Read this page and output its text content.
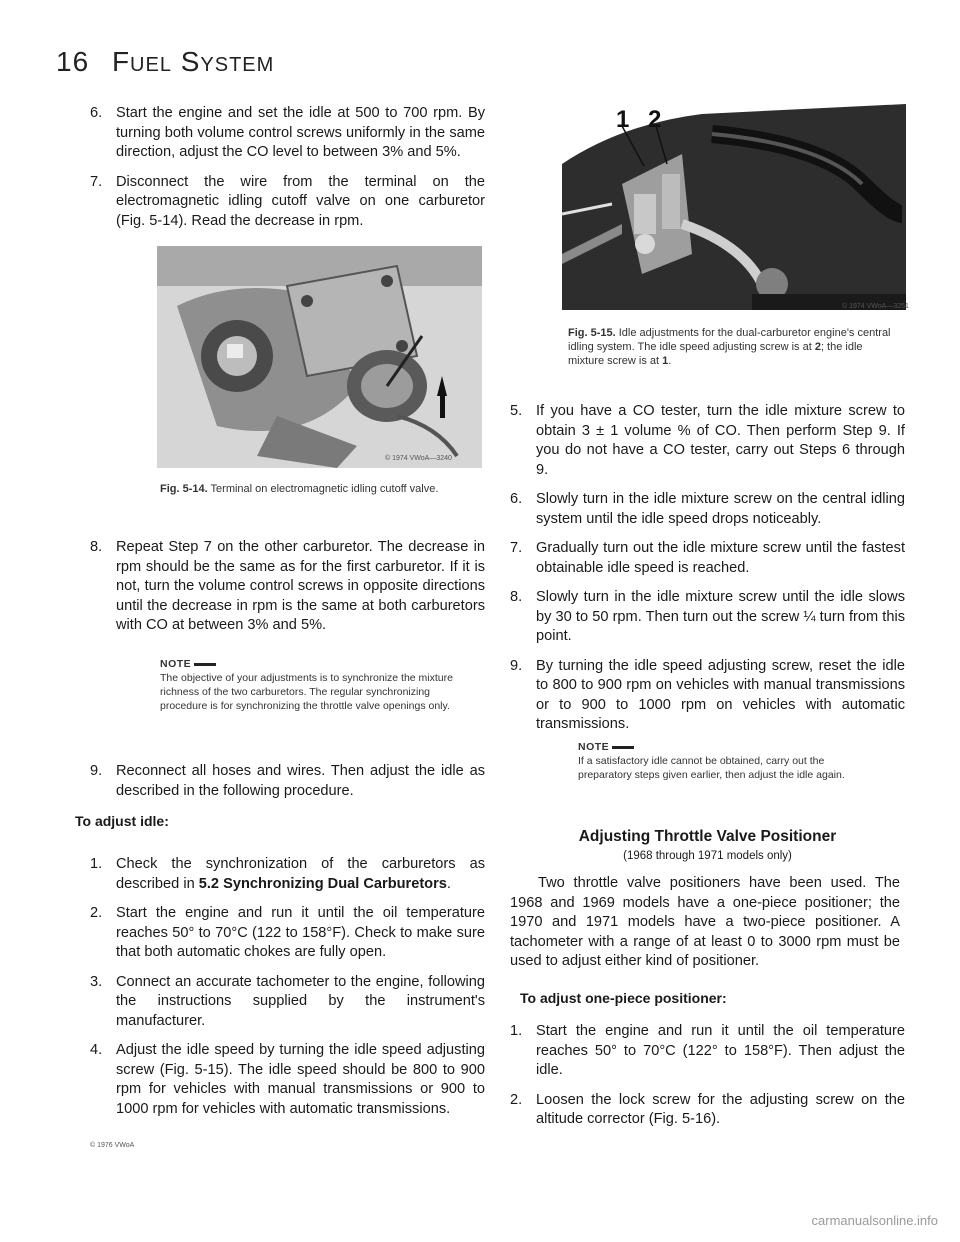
16 Fuel System
6. Start the engine and set the idle at 500 to 700 rpm. By turning both volume control screws uniformly in the same direction, adjust the CO level to between 3% and 5%.
7. Disconnect the wire from the terminal on the electromagnetic idling cutoff valve on one carburetor (Fig. 5-14). Read the decrease in rpm.
© 1974 VWoA—3240
Fig. 5-14. Terminal on electromagnetic idling cutoff valve.
8. Repeat Step 7 on the other carburetor. The decrease in rpm should be the same as for the first carburetor. If it is not, turn the volume control screws in opposite directions until the decrease in rpm is the same at both carburetors with CO at between 3% and 5%.
NOTE
The objective of your adjustments is to synchronize the mixture richness of the two carburetors. The regular synchronizing procedure is for synchronizing the throttle valve openings only.
9. Reconnect all hoses and wires. Then adjust the idle as described in the following procedure.
To adjust idle:
1. Check the synchronization of the carburetors as described in 5.2 Synchronizing Dual Carburetors.
2. Start the engine and run it until the oil temperature reaches 50° to 70°C (122 to 158°F). Check to make sure that both automatic chokes are fully open.
3. Connect an accurate tachometer to the engine, following the instructions supplied by the instrument's manufacturer.
4. Adjust the idle speed by turning the idle speed adjusting screw (Fig. 5-15). The idle speed should be 800 to 900 rpm for vehicles with manual transmissions or 900 to 1000 rpm for vehicles with automatic transmissions.
© 1976 VWoA
1 2
© 1974 VWoA—3251
Fig. 5-15. Idle adjustments for the dual-carburetor engine's central idling system. The idle speed adjusting screw is at 2; the idle mixture screw is at 1.
5. If you have a CO tester, turn the idle mixture screw to obtain 3 ± 1 volume % of CO. Then perform Step 9. If you do not have a CO tester, carry out Steps 6 through 9.
6. Slowly turn in the idle mixture screw on the central idling system until the idle speed drops noticeably.
7. Gradually turn out the idle mixture screw until the fastest obtainable idle speed is reached.
8. Slowly turn in the idle mixture screw until the idle slows by 30 to 50 rpm. Then turn out the screw ¼ turn from this point.
9. By turning the idle speed adjusting screw, reset the idle to 800 to 900 rpm on vehicles with manual transmissions or to 900 to 1000 rpm on vehicles with automatic transmissions.
NOTE
If a satisfactory idle cannot be obtained, carry out the preparatory steps given earlier, then adjust the idle again.
Adjusting Throttle Valve Positioner
(1968 through 1971 models only)
Two throttle valve positioners have been used. The 1968 and 1969 models have a one-piece positioner; the 1970 and 1971 models have a two-piece positioner. A tachometer with a range of at least 0 to 3000 rpm must be used to adjust either kind of positioner.
To adjust one-piece positioner:
1. Start the engine and run it until the oil temperature reaches 50° to 70°C (122° to 158°F). Then adjust the idle.
2. Loosen the lock screw for the adjusting screw on the altitude corrector (Fig. 5-16).
carmanualsonline.info
